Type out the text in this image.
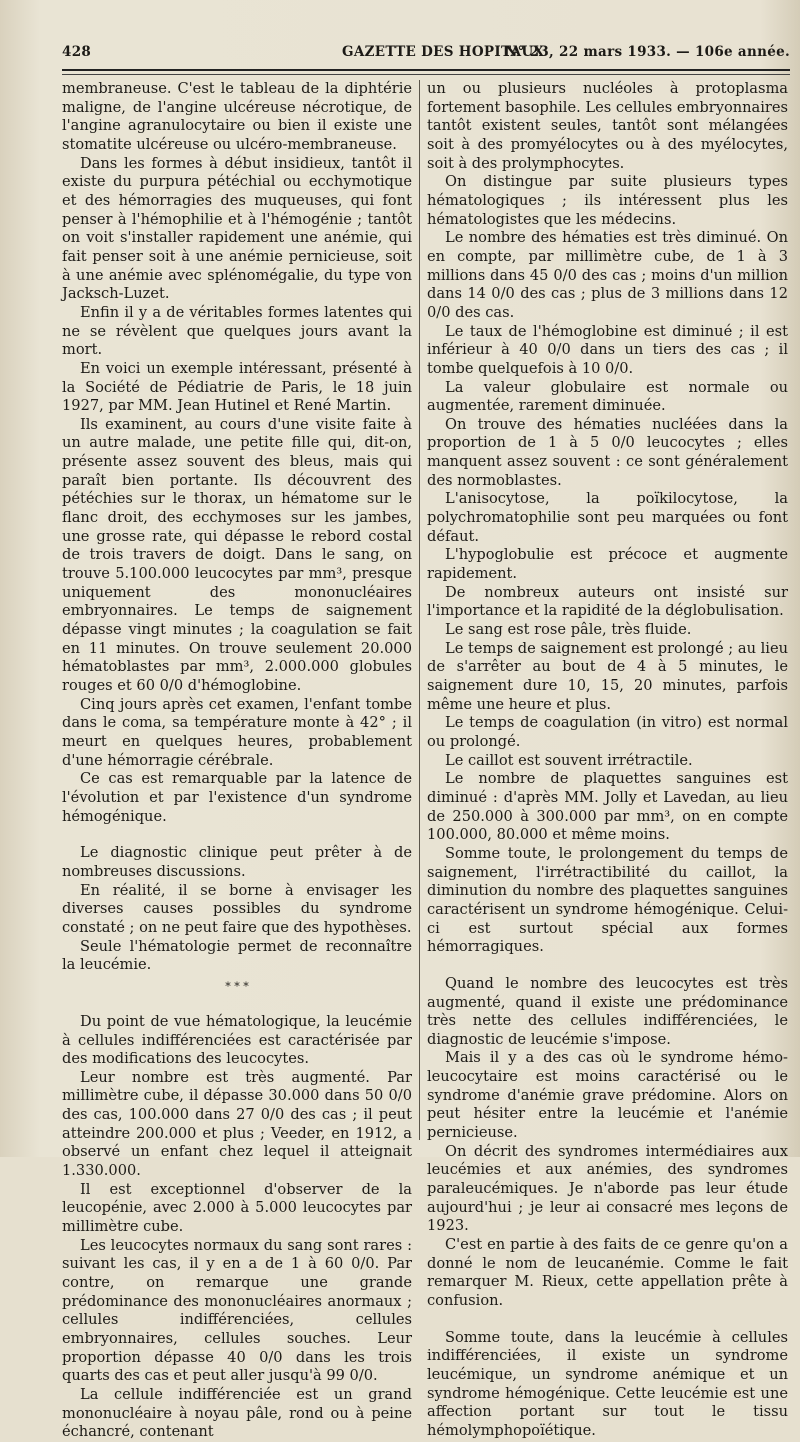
428	GAZETTE DES HOPITAUX
N° 23, 22 mars 1933. — 106e année.

membraneuse. C'est le tableau de la diphtérie maligne, de l'angine ulcéreuse nécrotique, de l'angine agranulocytaire ou bien il existe une stomatite ulcéreuse ou ulcéro-membraneuse.

Dans les formes à début insidieux, tantôt il existe du purpura pétéchial ou ecchymotique et des hémorragies des muqueuses, qui font penser à l'hémophilie et à l'hémogénie ; tantôt on voit s'installer rapidement une anémie, qui fait penser soit à une anémie pernicieuse, soit à une anémie avec splénomégalie, du type von Jacksch-Luzet.

Enfin il y a de véritables formes latentes qui ne se révèlent que quelques jours avant la mort.

En voici un exemple intéressant, présenté à la Société de Pédiatrie de Paris, le 18 juin 1927, par MM. Jean Hutinel et René Martin.

Ils examinent, au cours d'une visite faite à un autre malade, une petite fille qui, dit-on, présente assez souvent des bleus, mais qui paraît bien portante. Ils découvrent des pétéchies sur le thorax, un hématome sur le flanc droit, des ecchymoses sur les jambes, une grosse rate, qui dépasse le rebord costal de trois travers de doigt. Dans le sang, on trouve 5.100.000 leucocytes par mm³, presque uniquement des mononucléaires embryonnaires. Le temps de saignement dépasse vingt minutes ; la coagulation se fait en 11 minutes. On trouve seulement 20.000 hématoblastes par mm³, 2.000.000 globules rouges et 60 0/0 d'hémoglobine.

Cinq jours après cet examen, l'enfant tombe dans le coma, sa température monte à 42° ; il meurt en quelques heures, probablement d'une hémorragie cérébrale.

Ce cas est remarquable par la latence de l'évolution et par l'existence d'un syndrome hémogénique.

Le diagnostic clinique peut prêter à de nombreuses discussions.

En réalité, il se borne à envisager les diverses causes possibles du syndrome constaté ; on ne peut faire que des hypothèses.

Seule l'hématologie permet de reconnaître la leucémie.

* * *

Du point de vue hématologique, la leucémie à cellules indifférenciées est caractérisée par des modifications des leucocytes.

Leur nombre est très augmenté. Par millimètre cube, il dépasse 30.000 dans 50 0/0 des cas, 100.000 dans 27 0/0 des cas ; il peut atteindre 200.000 et plus ; Veeder, en 1912, a observé un enfant chez lequel il atteignait 1.330.000.

Il est exceptionnel d'observer de la leucopénie, avec 2.000 à 5.000 leucocytes par millimètre cube.

Les leucocytes normaux du sang sont rares : suivant les cas, il y en a de 1 à 60 0/0. Par contre, on remarque une grande prédominance des mononucléaires anormaux ; cellules indifférenciées, cellules embryonnaires, cellules souches. Leur proportion dépasse 40 0/0 dans les trois quarts des cas et peut aller jusqu'à 99 0/0.

La cellule indifférenciée est un grand mononucléaire à noyau pâle, rond ou à peine échancré, contenant

un ou plusieurs nucléoles à protoplasma fortement basophile. Les cellules embryonnaires tantôt existent seules, tantôt sont mélangées soit à des promyélocytes ou à des myélocytes, soit à des prolymphocytes.

On distingue par suite plusieurs types hématologiques ; ils intéressent plus les hématologistes que les médecins.

Le nombre des hématies est très diminué. On en compte, par millimètre cube, de 1 à 3 millions dans 45 0/0 des cas ; moins d'un million dans 14 0/0 des cas ; plus de 3 millions dans 12 0/0 des cas.

Le taux de l'hémoglobine est diminué ; il est inférieur à 40 0/0 dans un tiers des cas ; il tombe quelquefois à 10 0/0.

La valeur globulaire est normale ou augmentée, rarement diminuée.

On trouve des hématies nucléées dans la proportion de 1 à 5 0/0 leucocytes ; elles manquent assez souvent : ce sont généralement des normoblastes.

L'anisocytose, la poïkilocytose, la polychromatophilie sont peu marquées ou font défaut.

L'hypoglobulie est précoce et augmente rapidement.

De nombreux auteurs ont insisté sur l'importance et la rapidité de la déglobulisation.

Le sang est rose pâle, très fluide.

Le temps de saignement est prolongé ; au lieu de s'arrêter au bout de 4 à 5 minutes, le saignement dure 10, 15, 20 minutes, parfois même une heure et plus.

Le temps de coagulation (in vitro) est normal ou prolongé.

Le caillot est souvent irrétractile.

Le nombre de plaquettes sanguines est diminué : d'après MM. Jolly et Lavedan, au lieu de 250.000 à 300.000 par mm³, on en compte 100.000, 80.000 et même moins.

Somme toute, le prolongement du temps de saignement, l'irrétractibilité du caillot, la diminution du nombre des plaquettes sanguines caractérisent un syndrome hémogénique. Celui-ci est surtout spécial aux formes hémorragiques.

Quand le nombre des leucocytes est très augmenté, quand il existe une prédominance très nette des cellules indifférenciées, le diagnostic de leucémie s'impose.

Mais il y a des cas où le syndrome hémo-leucocytaire est moins caractérisé ou le syndrome d'anémie grave prédomine. Alors on peut hésiter entre la leucémie et l'anémie pernicieuse.

On décrit des syndromes intermédiaires aux leucémies et aux anémies, des syndromes paraleucémiques. Je n'aborde pas leur étude aujourd'hui ; je leur ai consacré mes leçons de 1923.

C'est en partie à des faits de ce genre qu'on a donné le nom de leucanémie. Comme le fait remarquer M. Rieux, cette appellation prête à confusion.

Somme toute, dans la leucémie à cellules indifférenciées, il existe un syndrome leucémique, un syndrome anémique et un syndrome hémogénique. Cette leucémie est une affection portant sur tout le tissu hémolymphopoïétique.
